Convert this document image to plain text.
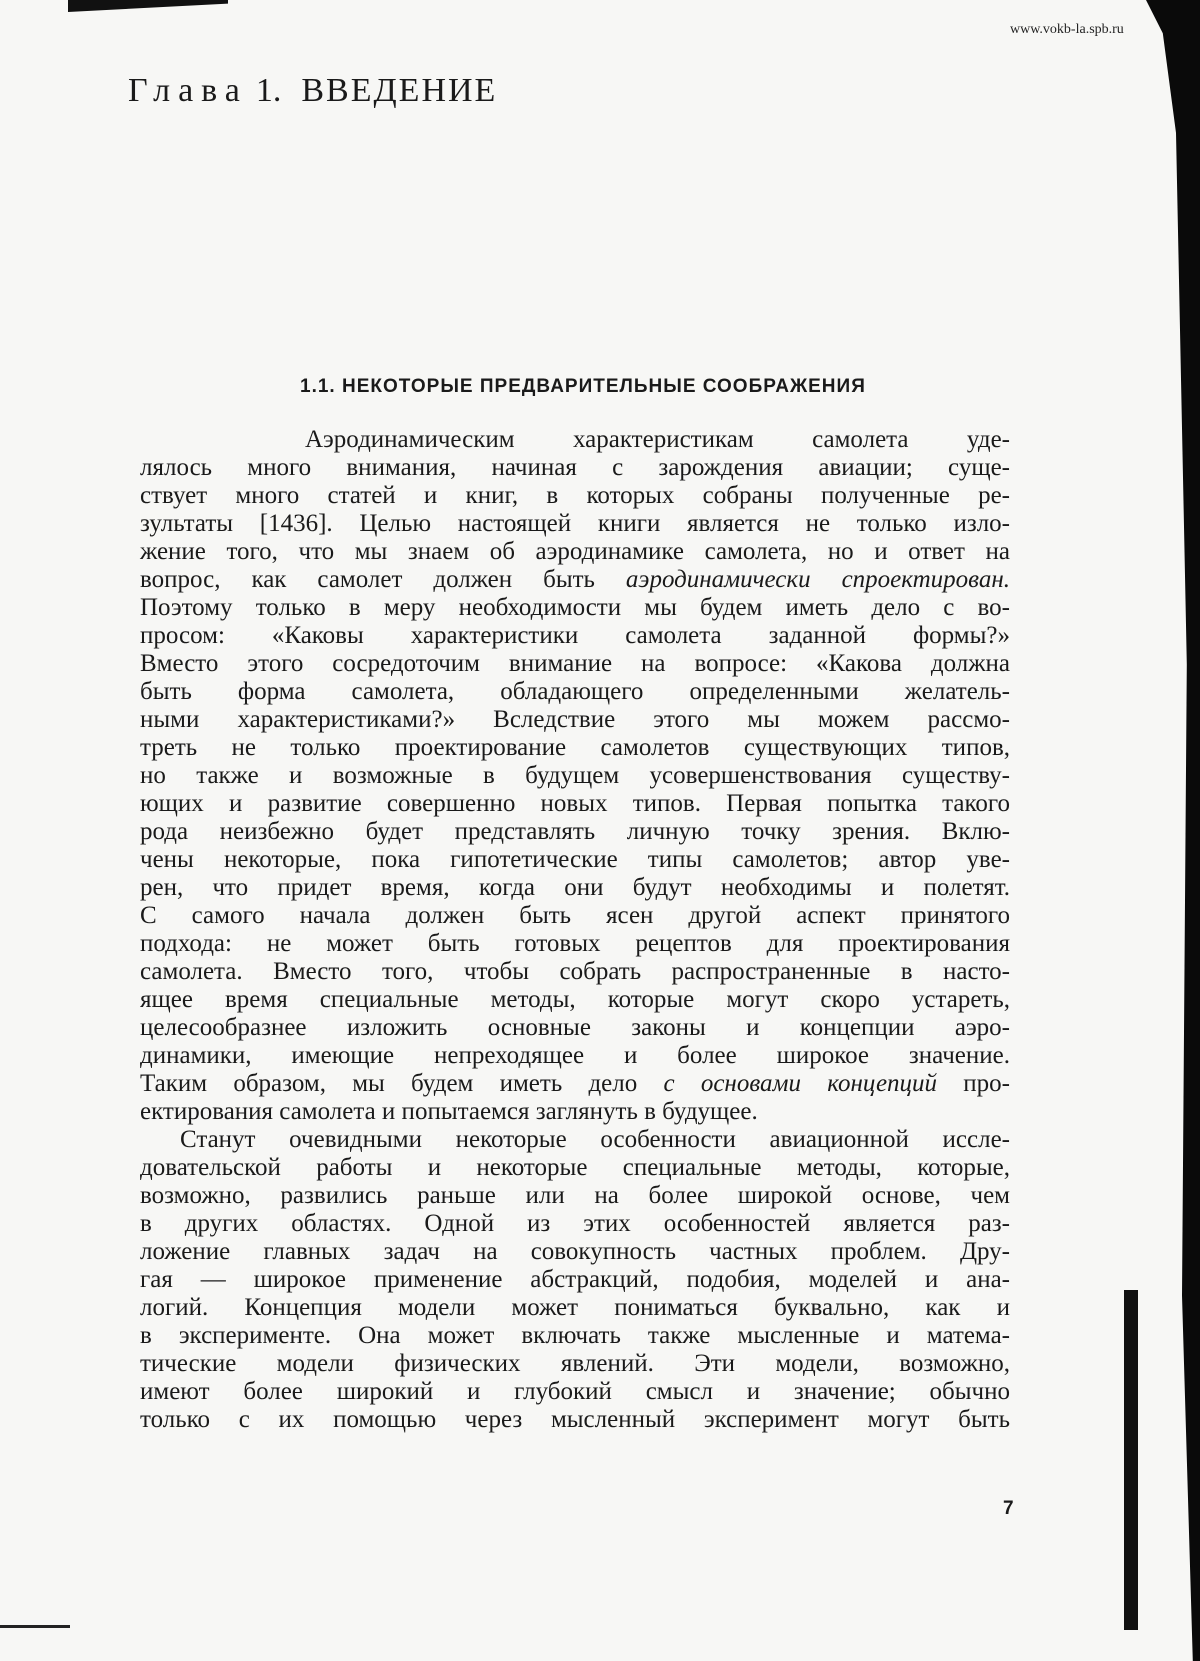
www.vokb-la.spb.ru
Глава 1. ВВЕДЕНИЕ
1.1. НЕКОТОРЫЕ ПРЕДВАРИТЕЛЬНЫЕ СООБРАЖЕНИЯ
Аэродинамическим характеристикам самолета уде-
лялось много внимания, начиная с зарождения авиации; суще-
ствует много статей и книг, в которых собраны полученные ре-
зультаты [1436]. Целью настоящей книги является не только изло-
жение того, что мы знаем об аэродинамике самолета, но и ответ на
вопрос, как самолет должен быть аэродинамически спроектирован.
Поэтому только в меру необходимости мы будем иметь дело с во-
просом: «Каковы характеристики самолета заданной формы?»
Вместо этого сосредоточим внимание на вопросе: «Какова должна
быть форма самолета, обладающего определенными желатель-
ными характеристиками?» Вследствие этого мы можем рассмо-
треть не только проектирование самолетов существующих типов,
но также и возможные в будущем усовершенствования существу-
ющих и развитие совершенно новых типов. Первая попытка такого
рода неизбежно будет представлять личную точку зрения. Вклю-
чены некоторые, пока гипотетические типы самолетов; автор уве-
рен, что придет время, когда они будут необходимы и полетят.
С самого начала должен быть ясен другой аспект принятого
подхода: не может быть готовых рецептов для проектирования
самолета. Вместо того, чтобы собрать распространенные в насто-
ящее время специальные методы, которые могут скоро устареть,
целесообразнее изложить основные законы и концепции аэро-
динамики, имеющие непреходящее и более широкое значение.
Таким образом, мы будем иметь дело с основами концепций про-
ектирования самолета и попытаемся заглянуть в будущее.
Станут очевидными некоторые особенности авиационной иссле-
довательской работы и некоторые специальные методы, которые,
возможно, развились раньше или на более широкой основе, чем
в других областях. Одной из этих особенностей является раз-
ложение главных задач на совокупность частных проблем. Дру-
гая — широкое применение абстракций, подобия, моделей и ана-
логий. Концепция модели может пониматься буквально, как и
в эксперименте. Она может включать также мысленные и матема-
тические модели физических явлений. Эти модели, возможно,
имеют более широкий и глубокий смысл и значение; обычно
только с их помощью через мысленный эксперимент могут быть
7
